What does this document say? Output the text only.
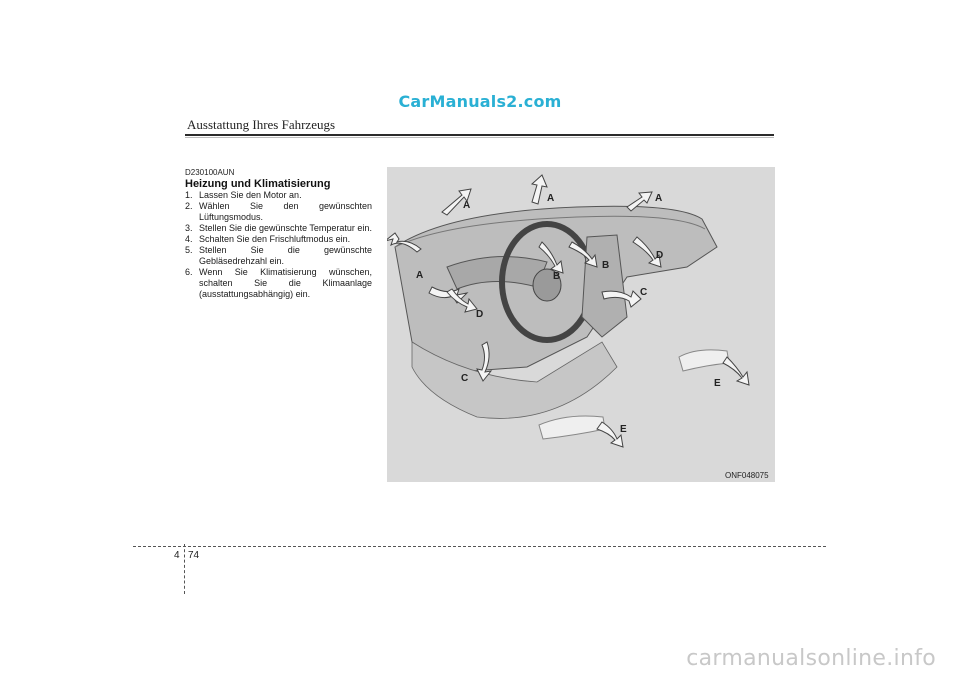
CarManuals2.com
Ausstattung Ihres Fahrzeugs
D230100AUN
Heizung und Klimatisierung
1. Lassen Sie den Motor an.
2. Wählen Sie den gewünschten Lüftungsmodus.
3. Stellen Sie die gewünschte Temperatur ein.
4. Schalten Sie den Frischluftmodus ein.
5. Stellen Sie die gewünschte Gebläsedrehzahl ein.
6. Wenn Sie Klimatisierung wünschen, schalten Sie die Klimaanlage (ausstattungsabhängig) ein.
A
A	A
A	B
B
C
C
D
D
E
E
ONF048075
4 74
carmanualsonline.info
